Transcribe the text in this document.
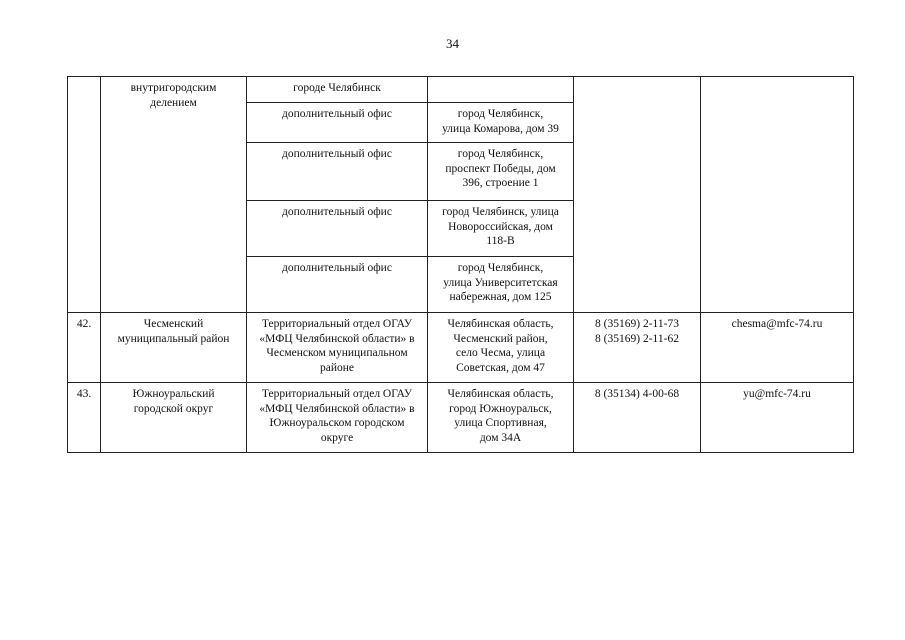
34

	внутригородским
делением	городе Челябинск			

		дополнительный офис	город Челябинск,
улица Комарова, дом 39		

		дополнительный офис	город Челябинск,
проспект Победы, дом
396, строение 1		

		дополнительный офис	город Челябинск, улица
Новороссийская, дом
118-В		

		дополнительный офис	город Челябинск,
улица Университетская
набережная, дом 125		

42.	Чесменский
муниципальный район	Территориальный отдел ОГАУ
«МФЦ Челябинской области» в
Чесменском муниципальном
районе	Челябинская область,
Чесменский район,
село Чесма, улица
Советская, дом 47	8 (35169) 2-11-73
8 (35169) 2-11-62	chesma@mfc-74.ru

43.	Южноуральский
городской округ	Территориальный отдел ОГАУ
«МФЦ Челябинской области» в
Южноуральском городском
округе	Челябинская область,
город Южноуральск,
улица Спортивная,
дом 34А	8 (35134) 4-00-68	yu@mfc-74.ru
